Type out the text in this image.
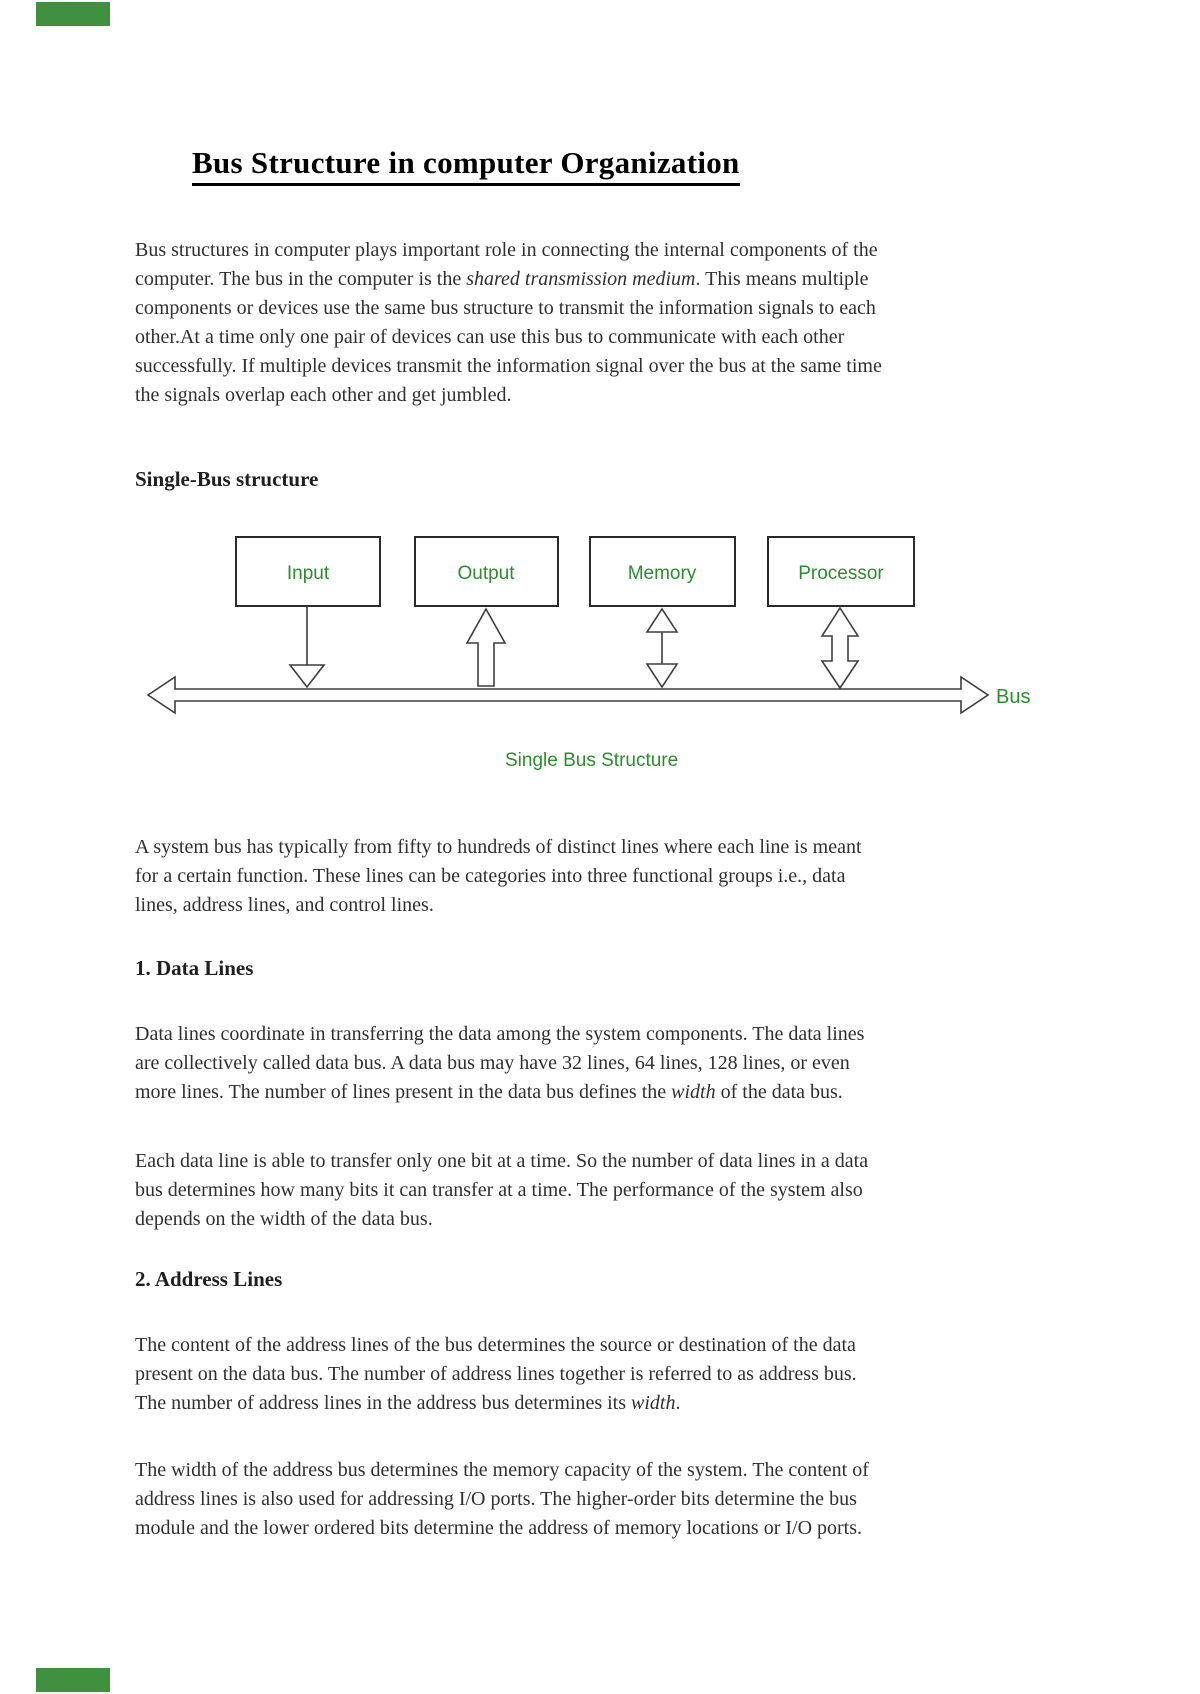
Bus Structure in computer Organization
Bus structures in computer plays important role in connecting the internal components of the
computer. The bus in the computer is the shared transmission medium. This means multiple
components or devices use the same bus structure to transmit the information signals to each
other.At a time only one pair of devices can use this bus to communicate with each other
successfully. If multiple devices transmit the information signal over the bus at the same time
the signals overlap each other and get jumbled.
Single-Bus structure
Input	Output	Memory	Processor
Bus
Single Bus Structure
A system bus has typically from fifty to hundreds of distinct lines where each line is meant
for a certain function. These lines can be categories into three functional groups i.e., data
lines, address lines, and control lines.
1. Data Lines
Data lines coordinate in transferring the data among the system components. The data lines
are collectively called data bus. A data bus may have 32 lines, 64 lines, 128 lines, or even
more lines. The number of lines present in the data bus defines the width of the data bus.
Each data line is able to transfer only one bit at a time. So the number of data lines in a data
bus determines how many bits it can transfer at a time. The performance of the system also
depends on the width of the data bus.
2. Address Lines
The content of the address lines of the bus determines the source or destination of the data
present on the data bus. The number of address lines together is referred to as address bus.
The number of address lines in the address bus determines its width.
The width of the address bus determines the memory capacity of the system. The content of
address lines is also used for addressing I/O ports. The higher-order bits determine the bus
module and the lower ordered bits determine the address of memory locations or I/O ports.
